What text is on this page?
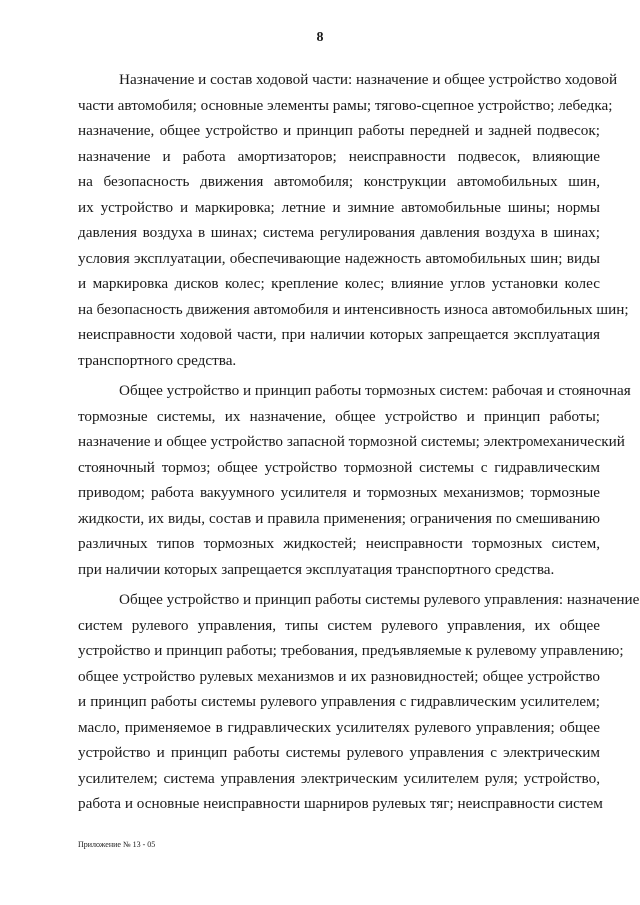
8
Назначение и состав ходовой части: назначение и общее устройство ходовой
части автомобиля; основные элементы рамы; тягово-сцепное устройство; лебедка;
назначение, общее устройство и принцип работы передней и задней подвесок;
назначение и работа амортизаторов; неисправности подвесок, влияющие
на безопасность движения автомобиля; конструкции автомобильных шин,
их устройство и маркировка; летние и зимние автомобильные шины; нормы
давления воздуха в шинах; система регулирования давления воздуха в шинах;
условия эксплуатации, обеспечивающие надежность автомобильных шин; виды
и маркировка дисков колес; крепление колес; влияние углов установки колес
на безопасность движения автомобиля и интенсивность износа автомобильных шин;
неисправности ходовой части, при наличии которых запрещается эксплуатация
транспортного средства.
Общее устройство и принцип работы тормозных систем: рабочая и стояночная
тормозные системы, их назначение, общее устройство и принцип работы;
назначение и общее устройство запасной тормозной системы; электромеханический
стояночный тормоз; общее устройство тормозной системы с гидравлическим
приводом; работа вакуумного усилителя и тормозных механизмов; тормозные
жидкости, их виды, состав и правила применения; ограничения по смешиванию
различных типов тормозных жидкостей; неисправности тормозных систем,
при наличии которых запрещается эксплуатация транспортного средства.
Общее устройство и принцип работы системы рулевого управления: назначение
систем рулевого управления, типы систем рулевого управления, их общее
устройство и принцип работы; требования, предъявляемые к рулевому управлению;
общее устройство рулевых механизмов и их разновидностей; общее устройство
и принцип работы системы рулевого управления с гидравлическим усилителем;
масло, применяемое в гидравлических усилителях рулевого управления; общее
устройство и принцип работы системы рулевого управления с электрическим
усилителем; система управления электрическим усилителем руля; устройство,
работа и основные неисправности шарниров рулевых тяг; неисправности систем
Приложение № 13 - 05
